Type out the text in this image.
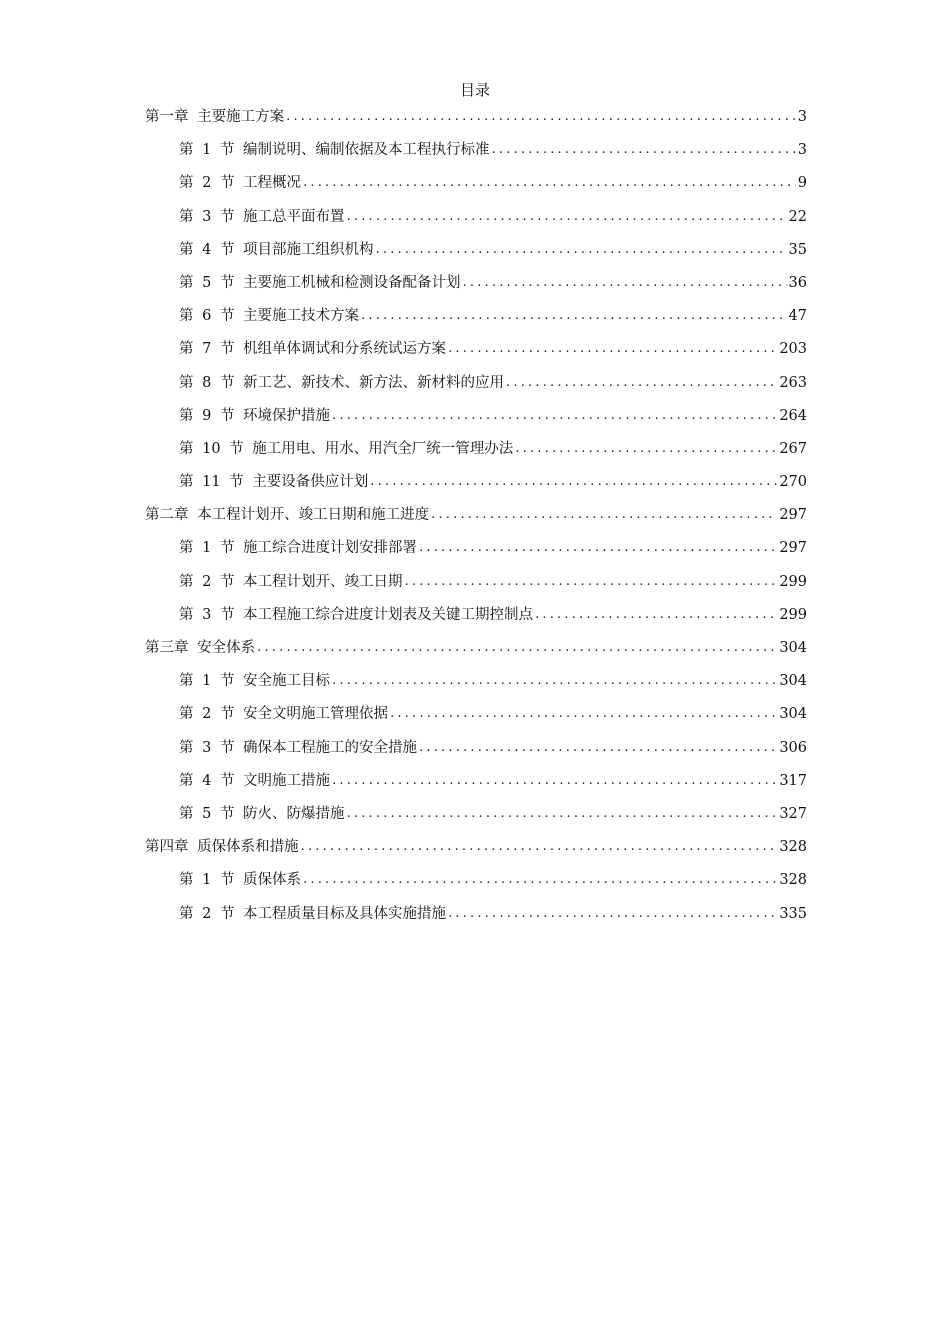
目录
第一章 主要施工方案 .....	3
第 1 节 编制说明、编制依据及本工程执行标准 .....	3
第 2 节 工程概况 .....	9
第 3 节 施工总平面布置 .....	22
第 4 节 项目部施工组织机构 .....	35
第 5 节 主要施工机械和检测设备配备计划 .....	36
第 6 节 主要施工技术方案 .....	47
第 7 节 机组单体调试和分系统试运方案 .....	203
第 8 节 新工艺、新技术、新方法、新材料的应用 .....	263
第 9 节 环境保护措施 .....	264
第 10 节 施工用电、用水、用汽全厂统一管理办法 .....	267
第 11 节 主要设备供应计划 .....	270
第二章 本工程计划开、竣工日期和施工进度 .....	297
第 1 节 施工综合进度计划安排部署 .....	297
第 2 节 本工程计划开、竣工日期 .....	299
第 3 节 本工程施工综合进度计划表及关键工期控制点 .....	299
第三章 安全体系 .....	304
第 1 节 安全施工目标 .....	304
第 2 节 安全文明施工管理依据 .....	304
第 3 节 确保本工程施工的安全措施 .....	306
第 4 节 文明施工措施 .....	317
第 5 节 防火、防爆措施 .....	327
第四章 质保体系和措施 .....	328
第 1 节 质保体系 .....	328
第 2 节 本工程质量目标及具体实施措施 .....	335
